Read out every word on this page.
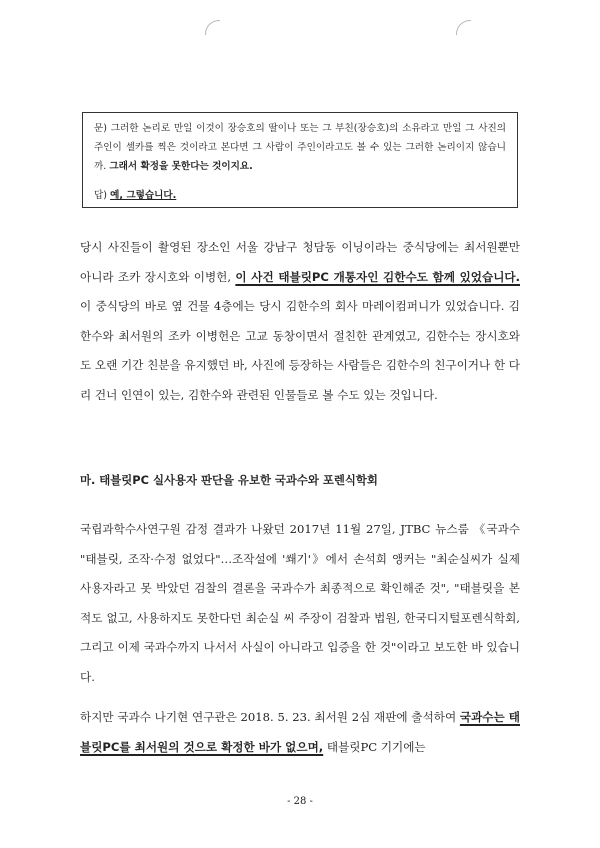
문) 그러한 논리로 만일 이것이 장승호의 딸이나 또는 그 부친(장승호)의 소유라고 만일 그 사진의 주인이 셀카를 찍은 것이라고 본다면 그 사람이 주인이라고도 볼 수 있는 그러한 논리이지 않습니까. 그래서 확정을 못한다는 것이지요.

답) 예, 그렇습니다.

당시 사진들이 촬영된 장소인 서울 강남구 청담동 이닝이라는 중식당에는 최서원뿐만 아니라 조카 장시호와 이병헌, 이 사건 태블릿PC 개통자인 김한수도 함께 있었습니다. 이 중식당의 바로 옆 건물 4층에는 당시 김한수의 회사 마레이컴퍼니가 있었습니다. 김한수와 최서원의 조카 이병헌은 고교 동창이면서 절친한 관계였고, 김한수는 장시호와도 오랜 기간 친분을 유지했던 바, 사진에 등장하는 사람들은 김한수의 친구이거나 한 다리 건너 인연이 있는, 김한수와 관련된 인물들로 볼 수도 있는 것입니다.

마. 태블릿PC 실사용자 판단을 유보한 국과수와 포렌식학회

국립과학수사연구원 감정 결과가 나왔던 2017년 11월 27일, JTBC 뉴스룸 《국과수 "태블릿, 조작·수정 없었다"…조작설에 '쐐기'》에서 손석희 앵커는 "최순실씨가 실제 사용자라고 못 박았던 검찰의 결론을 국과수가 최종적으로 확인해준 것", "태블릿을 본 적도 없고, 사용하지도 못한다던 최순실 씨 주장이 검찰과 법원, 한국디지털포렌식학회, 그리고 이제 국과수까지 나서서 사실이 아니라고 입증을 한 것"이라고 보도한 바 있습니다.

하지만 국과수 나기현 연구관은 2018. 5. 23. 최서원 2심 재판에 출석하여 국과수는 태블릿PC를 최서원의 것으로 확정한 바가 없으며, 태블릿PC 기기에는

- 28 -
